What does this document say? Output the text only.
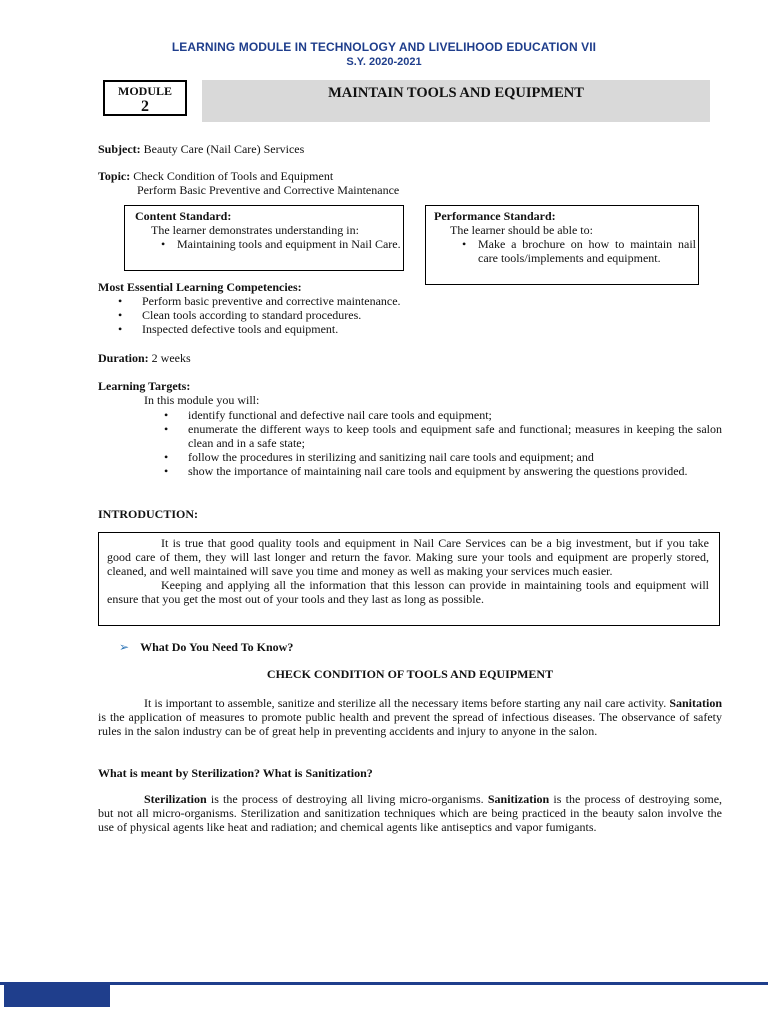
LEARNING MODULE IN TECHNOLOGY AND LIVELIHOOD EDUCATION VII
S.Y. 2020-2021
MODULE
2
MAINTAIN TOOLS AND EQUIPMENT
Subject: Beauty Care (Nail Care) Services
Topic: Check Condition of Tools and Equipment
Perform Basic Preventive and Corrective Maintenance
Content Standard:
The learner demonstrates understanding in:
• Maintaining tools and equipment in Nail Care.
Performance Standard:
The learner should be able to:
• Make a brochure on how to maintain nail care tools/implements and equipment.
Most Essential Learning Competencies:
• Perform basic preventive and corrective maintenance.
• Clean tools according to standard procedures.
• Inspected defective tools and equipment.
Duration: 2 weeks
Learning Targets:
In this module you will:
• identify functional and defective nail care tools and equipment;
• enumerate the different ways to keep tools and equipment safe and functional; measures in keeping the salon clean and in a safe state;
• follow the procedures in sterilizing and sanitizing nail care tools and equipment; and
• show the importance of maintaining nail care tools and equipment by answering the questions provided.
INTRODUCTION:
It is true that good quality tools and equipment in Nail Care Services can be a big investment, but if you take good care of them, they will last longer and return the favor. Making sure your tools and equipment are properly stored, cleaned, and well maintained will save you time and money as well as making your services much easier.
Keeping and applying all the information that this lesson can provide in maintaining tools and equipment will ensure that you get the most out of your tools and they last as long as possible.
➢ What Do You Need To Know?
CHECK CONDITION OF TOOLS AND EQUIPMENT
It is important to assemble, sanitize and sterilize all the necessary items before starting any nail care activity. Sanitation is the application of measures to promote public health and prevent the spread of infectious diseases. The observance of safety rules in the salon industry can be of great help in preventing accidents and injury to anyone in the salon.
What is meant by Sterilization? What is Sanitization?
Sterilization is the process of destroying all living micro-organisms. Sanitization is the process of destroying some, but not all micro-organisms. Sterilization and sanitization techniques which are being practiced in the beauty salon involve the use of physical agents like heat and radiation; and chemical agents like antiseptics and vapor fumigants.
